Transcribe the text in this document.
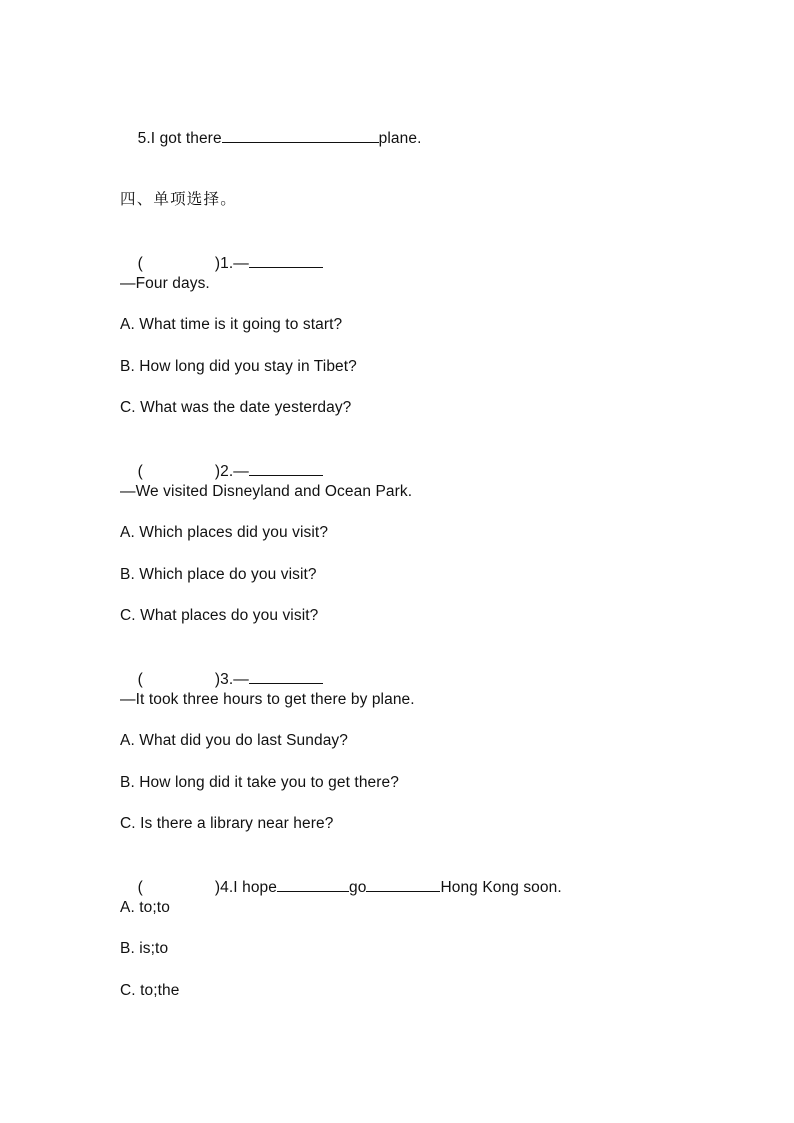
5.I got there	plane.

四、单项选择。

(	)1.—

—Four days.
A. What time is it going to start?
B. How long did you stay in Tibet?
C. What was the date yesterday?

(	)2.—

—We visited Disneyland and Ocean Park.
A. Which places did you visit?
B. Which place do you visit?
C. What places do you visit?

(	)3.—

—It took three hours to get there by plane.
A. What did you do last Sunday?
B. How long did it take you to get there?
C. Is there a library near here?

(	)4.I hope	go	Hong Kong soon.

A. to;to
B. is;to
C. to;the
